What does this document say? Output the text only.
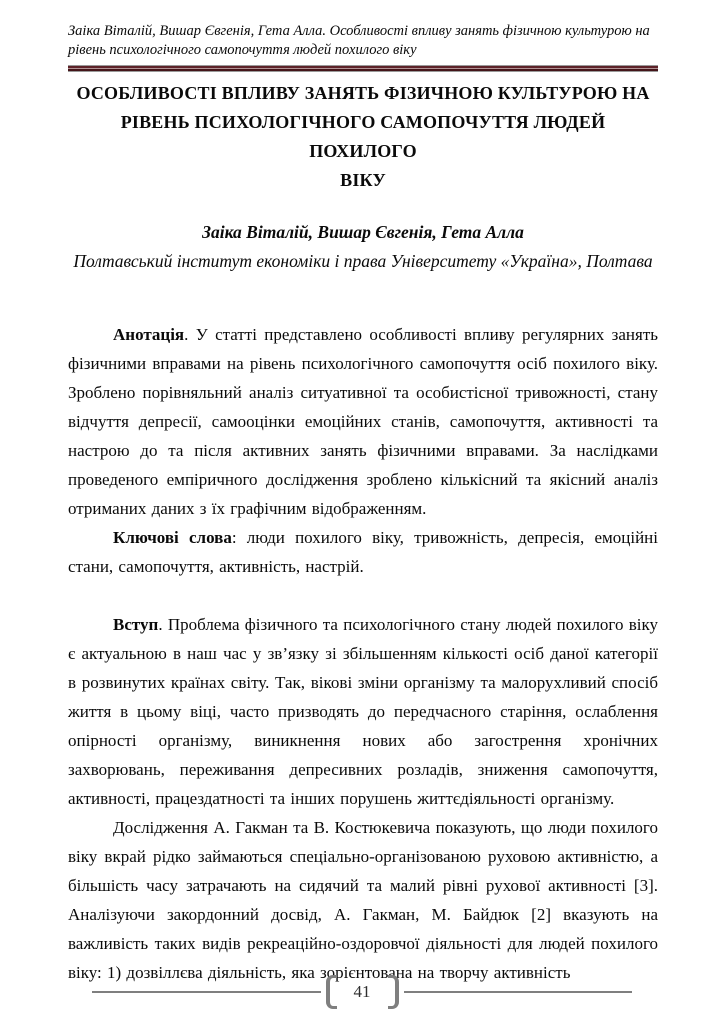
Заіка Віталій, Вишар Євгенія, Гета Алла. Особливості впливу занять фізичною культурою на рівень психологічного самопочуття людей похилого віку
ОСОБЛИВОСТІ ВПЛИВУ ЗАНЯТЬ ФІЗИЧНОЮ КУЛЬТУРОЮ НА
РІВЕНЬ ПСИХОЛОГІЧНОГО САМОПОЧУТТЯ ЛЮДЕЙ ПОХИЛОГО
ВІКУ
Заіка Віталій, Вишар Євгенія, Гета Алла
Полтавський інститут економіки і права Університету «Україна», Полтава

Анотація. У статті представлено особливості впливу регулярних занять фізичними вправами на рівень психологічного самопочуття осіб похилого віку. Зроблено порівняльний аналіз ситуативної та особистісної тривожності, стану відчуття депресії, самооцінки емоційних станів, самопочуття, активності та настрою до та після активних занять фізичними вправами. За наслідками проведеного емпіричного дослідження зроблено кількісний та якісний аналіз отриманих даних з їх графічним відображенням.

Ключові слова: люди похилого віку, тривожність, депресія, емоційні стани, самопочуття, активність, настрій.

Вступ. Проблема фізичного та психологічного стану людей похилого віку є актуальною в наш час у зв’язку зі збільшенням кількості осіб даної категорії в розвинутих країнах світу. Так, вікові зміни організму та малорухливий спосіб життя в цьому віці, часто призводять до передчасного старіння, ослаблення опірності організму, виникнення нових або загострення хронічних захворювань, переживання депресивних розладів, зниження самопочуття, активності, працездатності та інших порушень життєдіяльності організму.

Дослідження А. Гакман та В. Костюкевича показують, що люди похилого віку вкрай рідко займаються спеціально-організованою руховою активністю, а більшість часу затрачають на сидячий та малий рівні рухової активності [3]. Аналізуючи закордонний досвід, А. Гакман, М. Байдюк [2] вказують на важливість таких видів рекреаційно-оздоровчої діяльності для людей похилого віку: 1) дозвіллєва діяльність, яка зорієнтована на творчу активність

41
